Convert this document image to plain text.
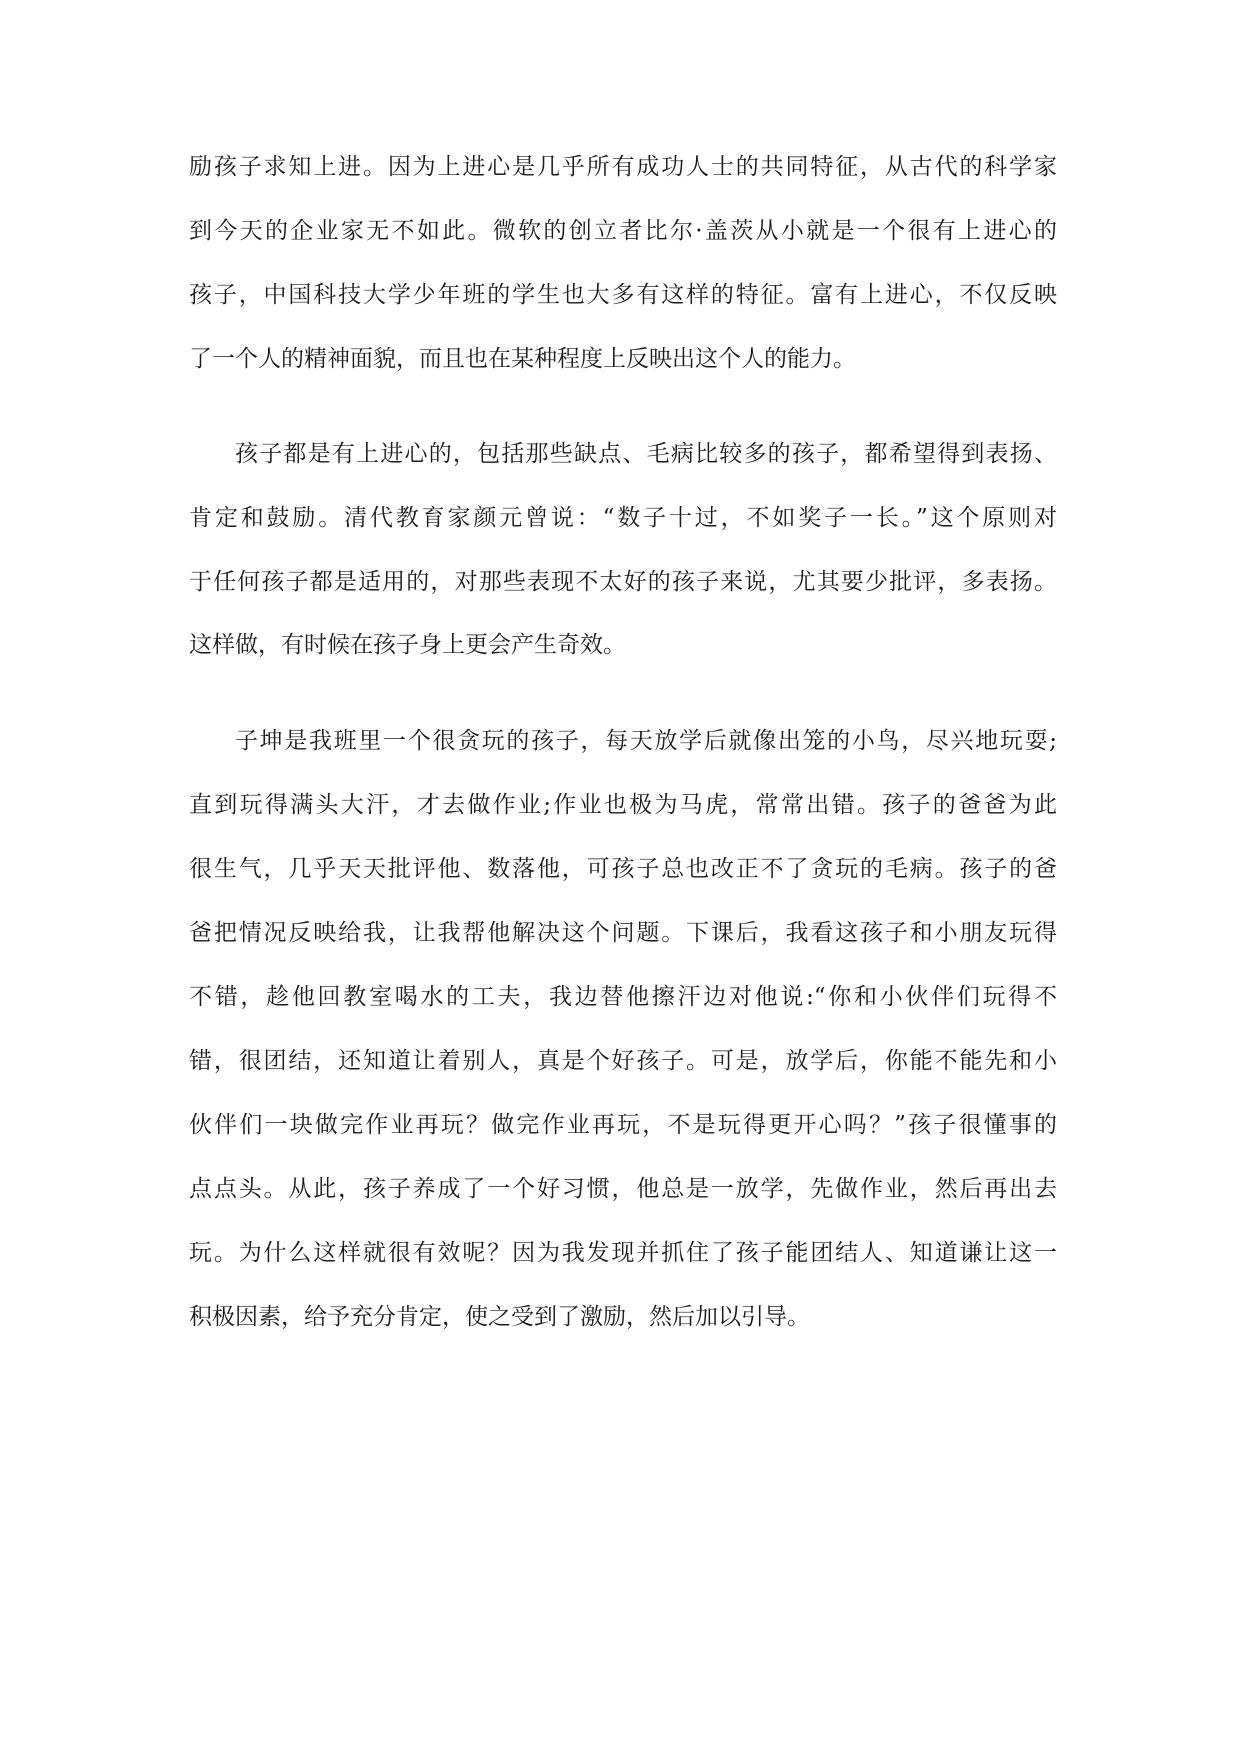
励孩子求知上进。因为上进心是几乎所有成功人士的共同特征，从古代的科学家
到今天的企业家无不如此。微软的创立者比尔·盖茨从小就是一个很有上进心的
孩子，中国科技大学少年班的学生也大多有这样的特征。富有上进心，不仅反映
了一个人的精神面貌，而且也在某种程度上反映出这个人的能力。
孩子都是有上进心的，包括那些缺点、毛病比较多的孩子，都希望得到表扬、
肯定和鼓励。清代教育家颜元曾说：“数子十过，不如奖子一长。”这个原则对
于任何孩子都是适用的，对那些表现不太好的孩子来说，尤其要少批评，多表扬。
这样做，有时候在孩子身上更会产生奇效。
子坤是我班里一个很贪玩的孩子，每天放学后就像出笼的小鸟，尽兴地玩耍;
直到玩得满头大汗，才去做作业;作业也极为马虎，常常出错。孩子的爸爸为此
很生气，几乎天天批评他、数落他，可孩子总也改正不了贪玩的毛病。孩子的爸
爸把情况反映给我，让我帮他解决这个问题。下课后，我看这孩子和小朋友玩得
不错，趁他回教室喝水的工夫，我边替他擦汗边对他说:“你和小伙伴们玩得不
错，很团结，还知道让着别人，真是个好孩子。可是，放学后，你能不能先和小
伙伴们一块做完作业再玩？做完作业再玩，不是玩得更开心吗？”孩子很懂事的
点点头。从此，孩子养成了一个好习惯，他总是一放学，先做作业，然后再出去
玩。为什么这样就很有效呢？因为我发现并抓住了孩子能团结人、知道谦让这一
积极因素，给予充分肯定，使之受到了激励，然后加以引导。
